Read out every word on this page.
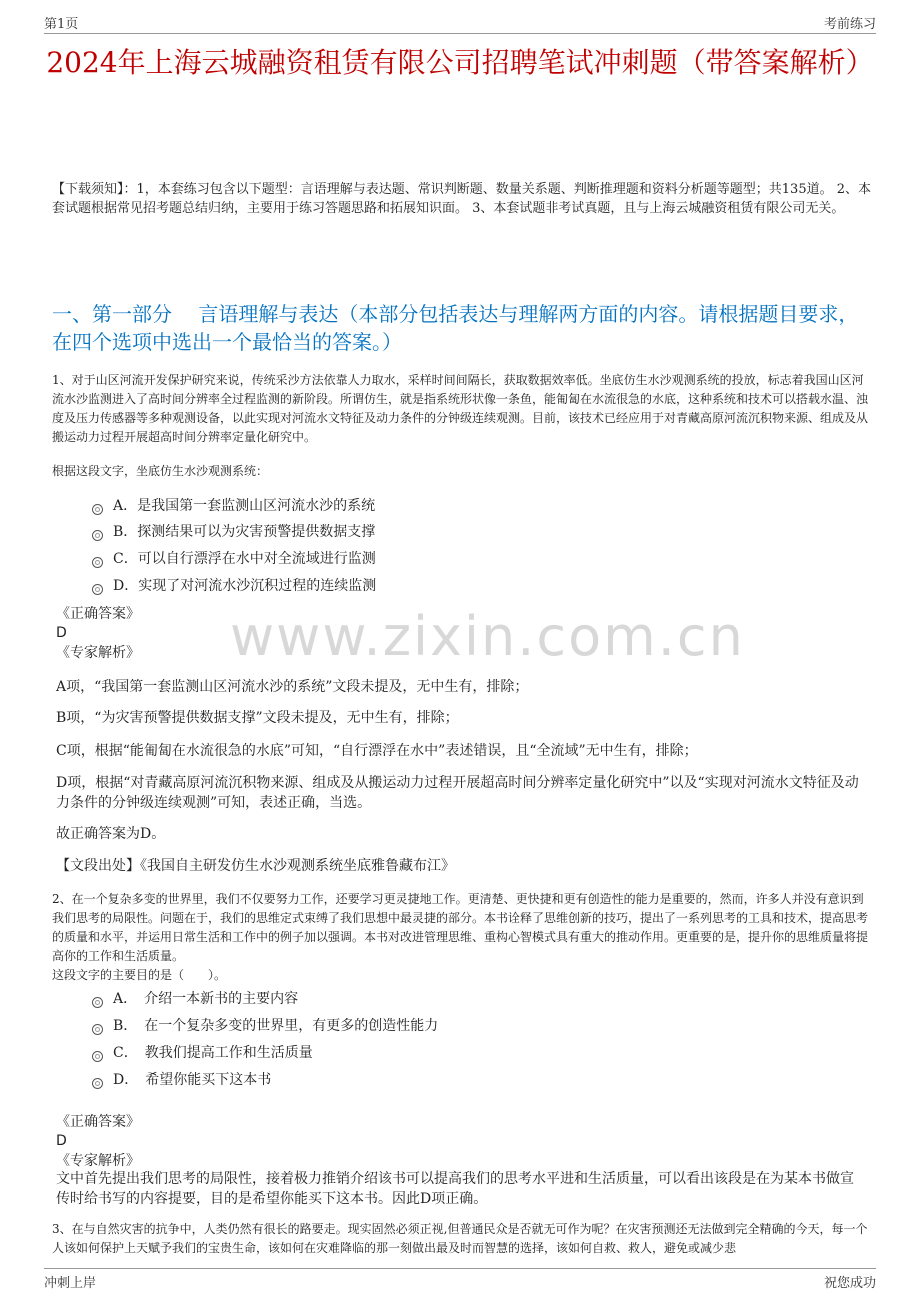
第1页	考前练习
2024年上海云城融资租赁有限公司招聘笔试冲刺题（带答案解析）
【下载须知】：1，本套练习包含以下题型：言语理解与表达题、常识判断题、数量关系题、判断推理题和资料分析题等题型；共135道。 2、本套试题根据常见招考题总结归纳，主要用于练习答题思路和拓展知识面。 3、本套试题非考试真题，且与上海云城融资租赁有限公司无关。
一、第一部分　 言语理解与表达（本部分包括表达与理解两方面的内容。请根据题目要求，在四个选项中选出一个最恰当的答案。）
1、对于山区河流开发保护研究来说，传统采沙方法依靠人力取水，采样时间间隔长，获取数据效率低。坐底仿生水沙观测系统的投放，标志着我国山区河流水沙监测进入了高时间分辨率全过程监测的新阶段。所谓仿生，就是指系统形状像一条鱼，能匍匐在水流很急的水底，这种系统和技术可以搭载水温、浊度及压力传感器等多种观测设备，以此实现对河流水文特征及动力条件的分钟级连续观测。目前，该技术已经应用于对青藏高原河流沉积物来源、组成及从搬运动力过程开展超高时间分辨率定量化研究中。
根据这段文字，坐底仿生水沙观测系统：
A．是我国第一套监测山区河流水沙的系统
B．探测结果可以为灾害预警提供数据支撑
C．可以自行漂浮在水中对全流域进行监测
D．实现了对河流水沙沉积过程的连续监测
《正确答案》
D
《专家解析》
A项，“我国第一套监测山区河流水沙的系统”文段未提及，无中生有，排除；
B项，“为灾害预警提供数据支撑”文段未提及，无中生有，排除；
C项，根据“能匍匐在水流很急的水底”可知，“自行漂浮在水中”表述错误，且“全流域”无中生有，排除；
D项，根据“对青藏高原河流沉积物来源、组成及从搬运动力过程开展超高时间分辨率定量化研究中”以及“实现对河流水文特征及动力条件的分钟级连续观测”可知，表述正确，当选。
故正确答案为D。
【文段出处】《我国自主研发仿生水沙观测系统坐底雅鲁藏布江》
www.zixin.com.cn
2、在一个复杂多变的世界里，我们不仅要努力工作，还要学习更灵捷地工作。更清楚、更快捷和更有创造性的能力是重要的，然而，许多人并没有意识到我们思考的局限性。问题在于，我们的思维定式束缚了我们思想中最灵捷的部分。本书诠释了思维创新的技巧，提出了一系列思考的工具和技术，提高思考的质量和水平，并运用日常生活和工作中的例子加以强调。本书对改进管理思维、重构心智模式具有重大的推动作用。更重要的是，提升你的思维质量将提高你的工作和生活质量。
这段文字的主要目的是（　　）。
A．　介绍一本新书的主要内容
B．　在一个复杂多变的世界里，有更多的创造性能力
C．　教我们提高工作和生活质量
D．　希望你能买下这本书
《正确答案》
D
《专家解析》
文中首先提出我们思考的局限性，接着极力推销介绍该书可以提高我们的思考水平进和生活质量，可以看出该段是在为某本书做宣传时给书写的内容提要，目的是希望你能买下这本书。因此D项正确。
3、在与自然灾害的抗争中，人类仍然有很长的路要走。现实固然必须正视,但普通民众是否就无可作为呢？在灾害预测还无法做到完全精确的今天，每一个人该如何保护上天赋予我们的宝贵生命，该如何在灾难降临的那一刻做出最及时而智慧的选择，该如何自救、救人，避免或减少悲
冲刺上岸	祝您成功
